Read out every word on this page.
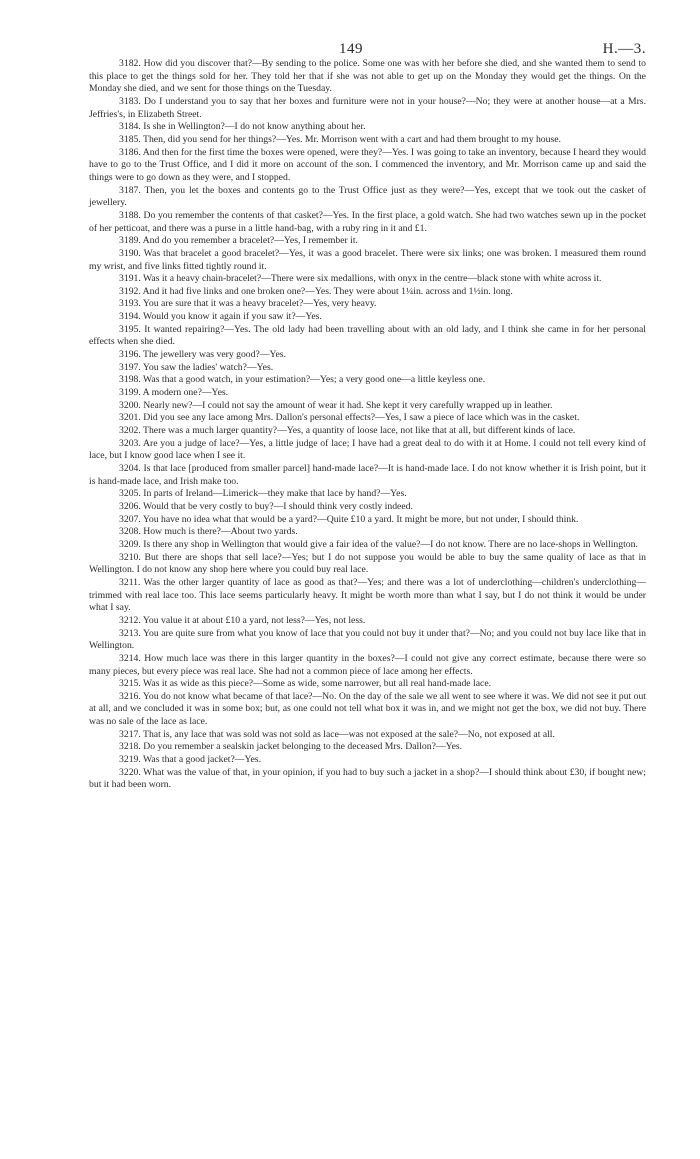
149	H.—3.

3182. How did you discover that?—By sending to the police. Some one was with her before she died, and she wanted them to send to this place to get the things sold for her. They told her that if she was not able to get up on the Monday they would get the things. On the Monday she died, and we sent for those things on the Tuesday.

3183. Do I understand you to say that her boxes and furniture were not in your house?—No; they were at another house—at a Mrs. Jeffries's, in Elizabeth Street.

3184. Is she in Wellington?—I do not know anything about her.

3185. Then, did you send for her things?—Yes. Mr. Morrison went with a cart and had them brought to my house.

3186. And then for the first time the boxes were opened, were they?—Yes. I was going to take an inventory, because I heard they would have to go to the Trust Office, and I did it more on account of the son. I commenced the inventory, and Mr. Morrison came up and said the things were to go down as they were, and I stopped.

3187. Then, you let the boxes and contents go to the Trust Office just as they were?—Yes, except that we took out the casket of jewellery.

3188. Do you remember the contents of that casket?—Yes. In the first place, a gold watch. She had two watches sewn up in the pocket of her petticoat, and there was a purse in a little hand-bag, with a ruby ring in it and £1.

3189. And do you remember a bracelet?—Yes, I remember it.

3190. Was that bracelet a good bracelet?—Yes, it was a good bracelet. There were six links; one was broken. I measured them round my wrist, and five links fitted tightly round it.

3191. Was it a heavy chain-bracelet?—There were six medallions, with onyx in the centre—black stone with white across it.

3192. And it had five links and one broken one?—Yes. They were about 1¼in. across and 1½in. long.

3193. You are sure that it was a heavy bracelet?—Yes, very heavy.

3194. Would you know it again if you saw it?—Yes.

3195. It wanted repairing?—Yes. The old lady had been travelling about with an old lady, and I think she came in for her personal effects when she died.

3196. The jewellery was very good?—Yes.

3197. You saw the ladies' watch?—Yes.

3198. Was that a good watch, in your estimation?—Yes; a very good one—a little keyless one.

3199. A modern one?—Yes.

3200. Nearly new?—I could not say the amount of wear it had. She kept it very carefully wrapped up in leather.

3201. Did you see any lace among Mrs. Dallon's personal effects?—Yes, I saw a piece of lace which was in the casket.

3202. There was a much larger quantity?—Yes, a quantity of loose lace, not like that at all, but different kinds of lace.

3203. Are you a judge of lace?—Yes, a little judge of lace; I have had a great deal to do with it at Home. I could not tell every kind of lace, but I know good lace when I see it.

3204. Is that lace [produced from smaller parcel] hand-made lace?—It is hand-made lace. I do not know whether it is Irish point, but it is hand-made lace, and Irish make too.

3205. In parts of Ireland—Limerick—they make that lace by hand?—Yes.

3206. Would that be very costly to buy?—I should think very costly indeed.

3207. You have no idea what that would be a yard?—Quite £10 a yard. It might be more, but not under, I should think.

3208. How much is there?—About two yards.

3209. Is there any shop in Wellington that would give a fair idea of the value?—I do not know. There are no lace-shops in Wellington.

3210. But there are shops that sell lace?—Yes; but I do not suppose you would be able to buy the same quality of lace as that in Wellington. I do not know any shop here where you could buy real lace.

3211. Was the other larger quantity of lace as good as that?—Yes; and there was a lot of underclothing—children's underclothing—trimmed with real lace too. This lace seems particularly heavy. It might be worth more than what I say, but I do not think it would be under what I say.

3212. You value it at about £10 a yard, not less?—Yes, not less.

3213. You are quite sure from what you know of lace that you could not buy it under that?—No; and you could not buy lace like that in Wellington.

3214. How much lace was there in this larger quantity in the boxes?—I could not give any correct estimate, because there were so many pieces, but every piece was real lace. She had not a common piece of lace among her effects.

3215. Was it as wide as this piece?—Some as wide, some narrower, but all real hand-made lace.

3216. You do not know what became of that lace?—No. On the day of the sale we all went to see where it was. We did not see it put out at all, and we concluded it was in some box; but, as one could not tell what box it was in, and we might not get the box, we did not buy. There was no sale of the lace as lace.

3217. That is, any lace that was sold was not sold as lace—was not exposed at the sale?—No, not exposed at all.

3218. Do you remember a sealskin jacket belonging to the deceased Mrs. Dallon?—Yes.

3219. Was that a good jacket?—Yes.

3220. What was the value of that, in your opinion, if you had to buy such a jacket in a shop?—I should think about £30, if bought new; but it had been worn.
